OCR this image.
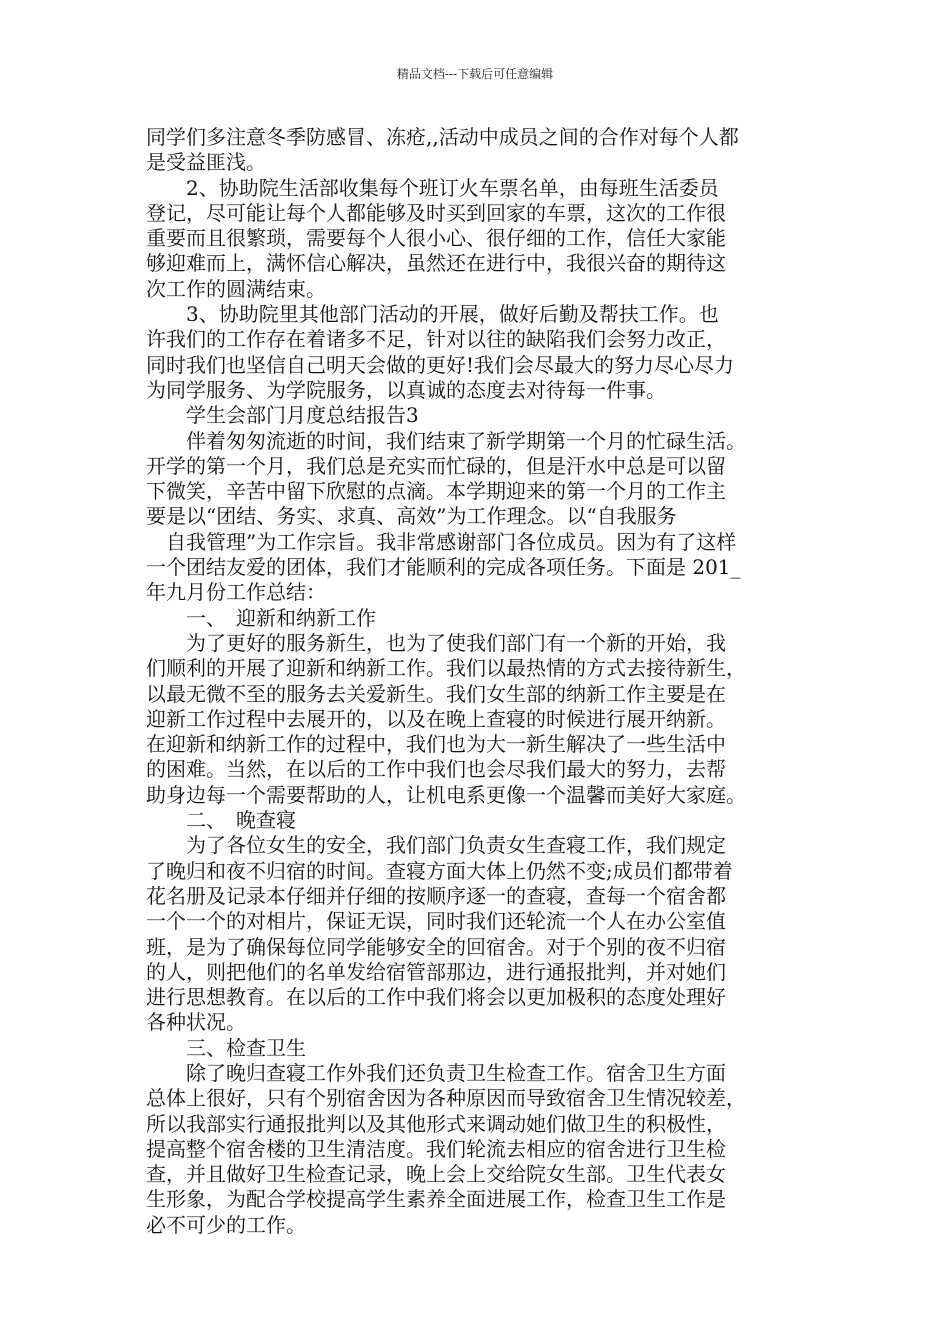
精品文档---下载后可任意编辑
同学们多注意冬季防感冒、冻疮,,活动中成员之间的合作对每个人都
是受益匪浅。
　　2、协助院生活部收集每个班订火车票名单，由每班生活委员
登记，尽可能让每个人都能够及时买到回家的车票，这次的工作很
重要而且很繁琐，需要每个人很小心、很仔细的工作，信任大家能
够迎难而上，满怀信心解决，虽然还在进行中，我很兴奋的期待这
次工作的圆满结束。
　　3、协助院里其他部门活动的开展，做好后勤及帮扶工作。也
许我们的工作存在着诸多不足，针对以往的缺陷我们会努力改正，
同时我们也坚信自己明天会做的更好!我们会尽最大的努力尽心尽力
为同学服务、为学院服务，以真诚的态度去对待每一件事。
　　学生会部门月度总结报告3
　　伴着匆匆流逝的时间，我们结束了新学期第一个月的忙碌生活。
开学的第一个月，我们总是充实而忙碌的，但是汗水中总是可以留
下微笑，辛苦中留下欣慰的点滴。本学期迎来的第一个月的工作主
要是以“团结、务实、求真、高效”为工作理念。以“自我服务
　自我管理”为工作宗旨。我非常感谢部门各位成员。因为有了这样
一个团结友爱的团体，我们才能顺利的完成各项任务。下面是 201_
年九月份工作总结：
　　一、　迎新和纳新工作
　　为了更好的服务新生，也为了使我们部门有一个新的开始，我
们顺利的开展了迎新和纳新工作。我们以最热情的方式去接待新生，
以最无微不至的服务去关爱新生。我们女生部的纳新工作主要是在
迎新工作过程中去展开的，以及在晚上查寝的时候进行展开纳新。
在迎新和纳新工作的过程中，我们也为大一新生解决了一些生活中
的困难。当然，在以后的工作中我们也会尽我们最大的努力，去帮
助身边每一个需要帮助的人，让机电系更像一个温馨而美好大家庭。
　　二、　晚查寝
　　为了各位女生的安全，我们部门负责女生查寝工作，我们规定
了晚归和夜不归宿的时间。查寝方面大体上仍然不变;成员们都带着
花名册及记录本仔细并仔细的按顺序逐一的查寝，查每一个宿舍都
一个一个的对相片，保证无误，同时我们还轮流一个人在办公室值
班，是为了确保每位同学能够安全的回宿舍。对于个别的夜不归宿
的人，则把他们的名单发给宿管部那边，进行通报批判，并对她们
进行思想教育。在以后的工作中我们将会以更加极积的态度处理好
各种状况。
　　三、检查卫生
　　除了晚归查寝工作外我们还负责卫生检查工作。宿舍卫生方面
总体上很好，只有个别宿舍因为各种原因而导致宿舍卫生情况较差，
所以我部实行通报批判以及其他形式来调动她们做卫生的积极性，
提高整个宿舍楼的卫生清洁度。我们轮流去相应的宿舍进行卫生检
查，并且做好卫生检查记录，晚上会上交给院女生部。卫生代表女
生形象，为配合学校提高学生素养全面进展工作，检查卫生工作是
必不可少的工作。
